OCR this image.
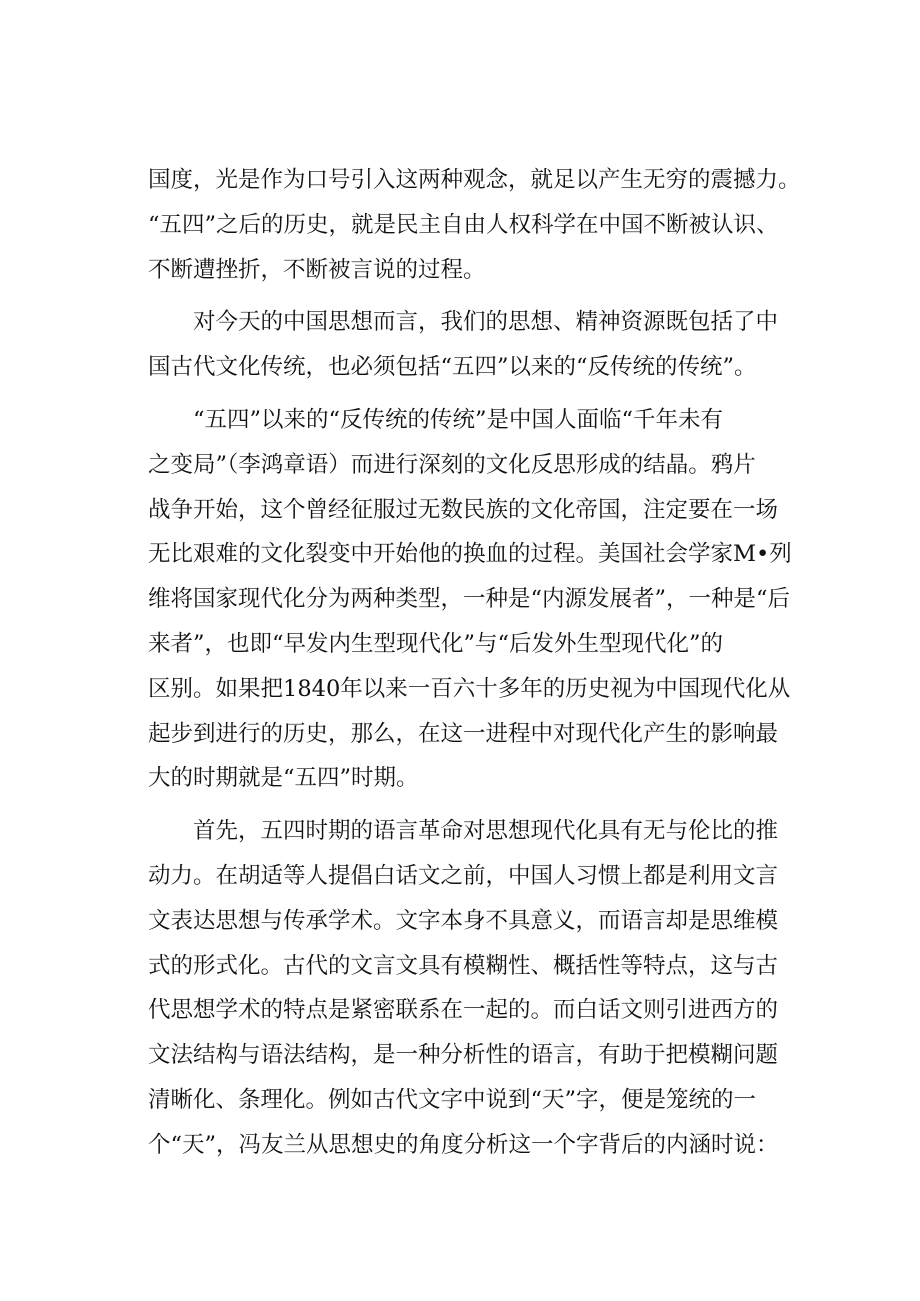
国度，光是作为口号引入这两种观念，就足以产生无穷的震撼力。
“五四”之后的历史，就是民主自由人权科学在中国不断被认识、
不断遭挫折，不断被言说的过程。
　　对今天的中国思想而言，我们的思想、精神资源既包括了中
国古代文化传统，也必须包括“五四”以来的“反传统的传统”。
　　“五四”以来的“反传统的传统”是中国人面临“千年未有
之变局”（李鸿章语）而进行深刻的文化反思形成的结晶。鸦片
战争开始，这个曾经征服过无数民族的文化帝国，注定要在一场
无比艰难的文化裂变中开始他的换血的过程。美国社会学家M•列
维将国家现代化分为两种类型，一种是“内源发展者”，一种是“后
来者”，也即“早发内生型现代化”与“后发外生型现代化”的
区别。如果把1840年以来一百六十多年的历史视为中国现代化从
起步到进行的历史，那么，在这一进程中对现代化产生的影响最
大的时期就是“五四”时期。
　　首先，五四时期的语言革命对思想现代化具有无与伦比的推
动力。在胡适等人提倡白话文之前，中国人习惯上都是利用文言
文表达思想与传承学术。文字本身不具意义，而语言却是思维模
式的形式化。古代的文言文具有模糊性、概括性等特点，这与古
代思想学术的特点是紧密联系在一起的。而白话文则引进西方的
文法结构与语法结构，是一种分析性的语言，有助于把模糊问题
清晰化、条理化。例如古代文字中说到“天”字，便是笼统的一
个“天”，冯友兰从思想史的角度分析这一个字背后的内涵时说：
